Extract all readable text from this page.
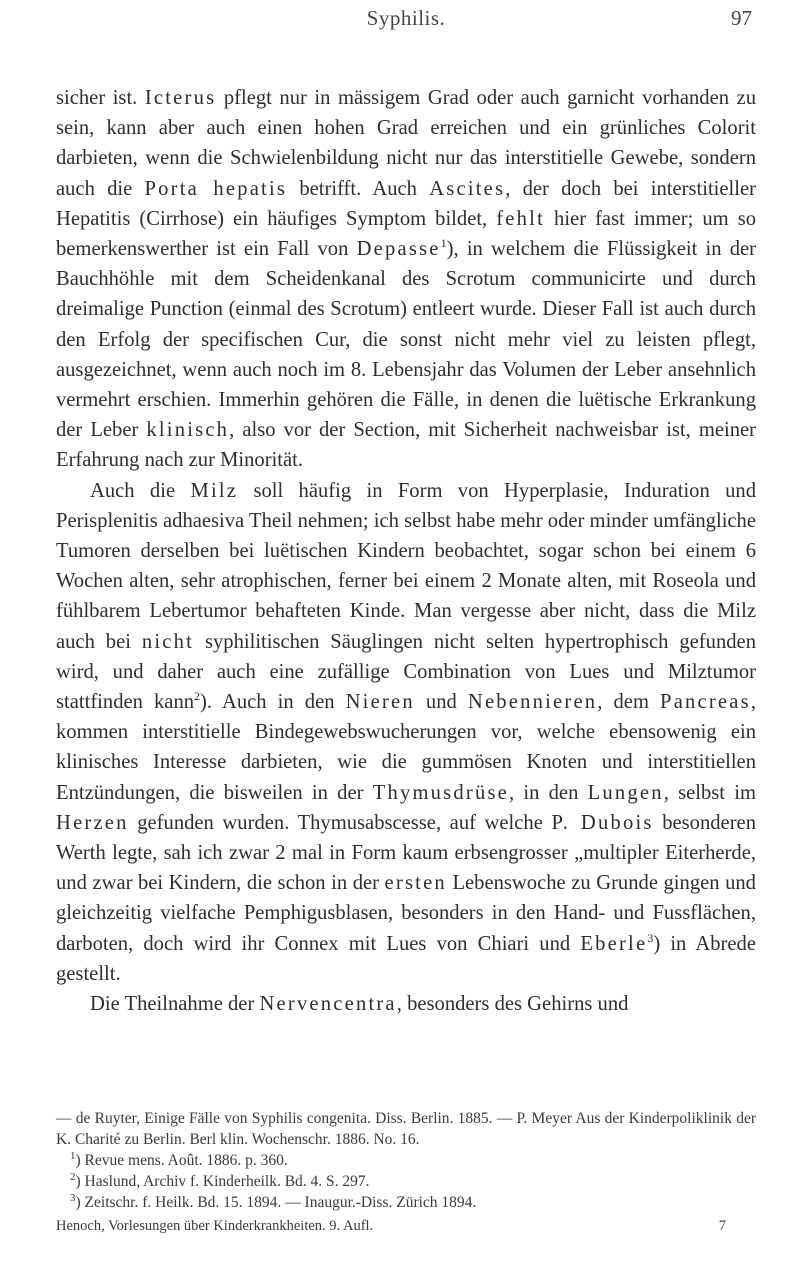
Syphilis.	97

sicher ist. Icterus pflegt nur in mässigem Grad oder auch garnicht vorhanden zu sein, kann aber auch einen hohen Grad erreichen und ein grünliches Colorit darbieten, wenn die Schwielenbildung nicht nur das interstitielle Gewebe, sondern auch die Porta hepatis betrifft. Auch Ascites, der doch bei interstitieller Hepatitis (Cirrhose) ein häufiges Symptom bildet, fehlt hier fast immer; um so bemerkenswerther ist ein Fall von Depasse$^1$), in welchem die Flüssigkeit in der Bauchhöhle mit dem Scheidenkanal des Scrotum communicirte und durch dreimalige Punction (einmal des Scrotum) entleert wurde. Dieser Fall ist auch durch den Erfolg der specifischen Cur, die sonst nicht mehr viel zu leisten pflegt, ausgezeichnet, wenn auch noch im 8. Lebensjahr das Volumen der Leber ansehnlich vermehrt erschien. Immerhin gehören die Fälle, in denen die luëtische Erkrankung der Leber klinisch, also vor der Section, mit Sicherheit nachweisbar ist, meiner Erfahrung nach zur Minorität.

Auch die Milz soll häufig in Form von Hyperplasie, Induration und Perisplenitis adhaesiva Theil nehmen; ich selbst habe mehr oder minder umfängliche Tumoren derselben bei luëtischen Kindern beobachtet, sogar schon bei einem 6 Wochen alten, sehr atrophischen, ferner bei einem 2 Monate alten, mit Roseola und fühlbarem Lebertumor behafteten Kinde. Man vergesse aber nicht, dass die Milz auch bei nicht syphilitischen Säuglingen nicht selten hypertrophisch gefunden wird, und daher auch eine zufällige Combination von Lues und Milztumor stattfinden kann$^2$). Auch in den Nieren und Nebennieren, dem Pancreas, kommen interstitielle Bindegewebswucherungen vor, welche ebensowenig ein klinisches Interesse darbieten, wie die gummösen Knoten und interstitiellen Entzündungen, die bisweilen in der Thymusdrüse, in den Lungen, selbst im Herzen gefunden wurden. Thymusabscesse, auf welche P. Dubois besonderen Werth legte, sah ich zwar 2 mal in Form kaum erbsengrosser „multipler Eiterherde, und zwar bei Kindern, die schon in der ersten Lebenswoche zu Grunde gingen und gleichzeitig vielfache Pemphigusblasen, besonders in den Hand- und Fussflächen, darboten, doch wird ihr Connex mit Lues von Chiari und Eberle$^3$) in Abrede gestellt.

Die Theilnahme der Nervencentra, besonders des Gehirns und

— de Ruyter, Einige Fälle von Syphilis congenita. Diss. Berlin. 1885. — P. Meyer Aus der Kinderpoliklinik der K. Charité zu Berlin. Berl klin. Wochenschr. 1886. No. 16.

$^1$) Revue mens. Août. 1886. p. 360.

$^2$) Haslund, Archiv f. Kinderheilk. Bd. 4. S. 297.

$^3$) Zeitschr. f. Heilk. Bd. 15. 1894. — Inaugur.-Diss. Zürich 1894.

Henoch, Vorlesungen über Kinderkrankheiten. 9. Aufl.	7
